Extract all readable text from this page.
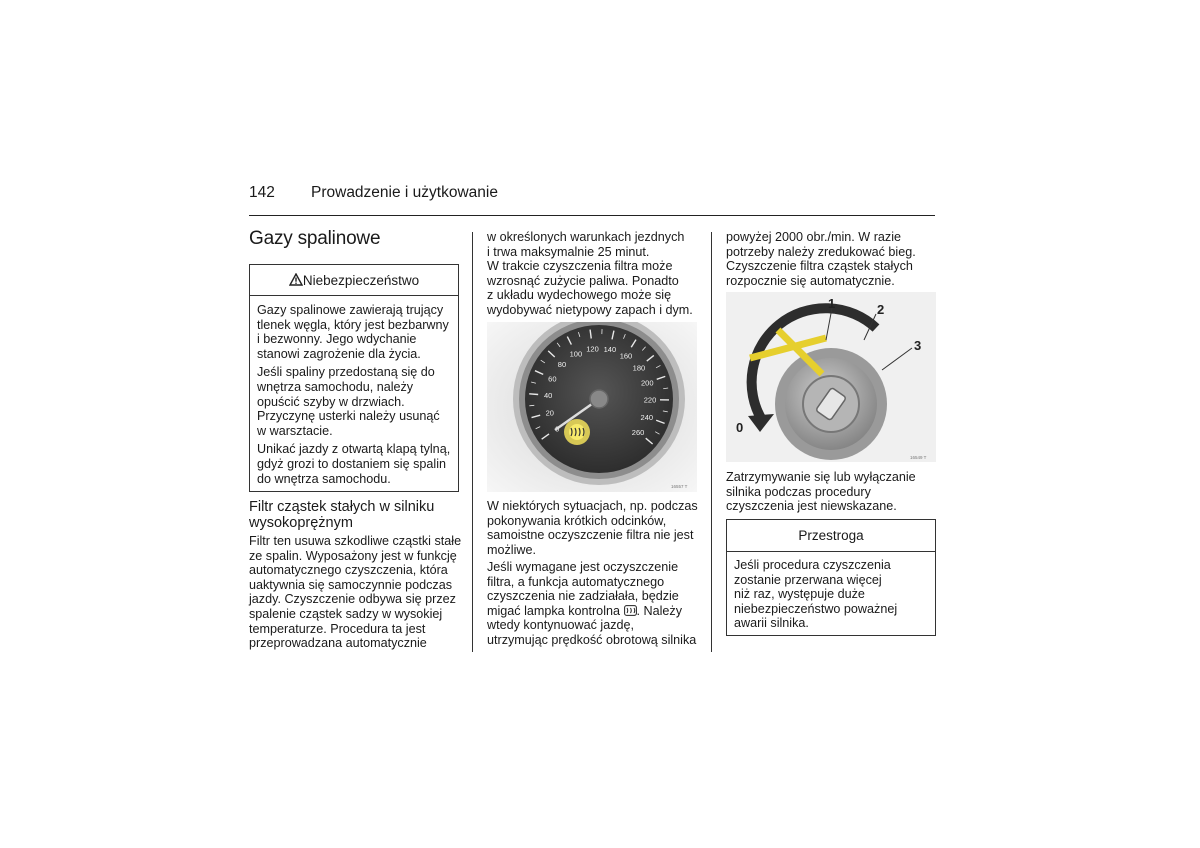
142 Prowadzenie i użytkowanie
Gazy spalinowe
Niebezpieczeństwo

Gazy spalinowe zawierają trujący
tlenek węgla, który jest bezbarwny
i bezwonny. Jego wdychanie
stanowi zagrożenie dla życia.

Jeśli spaliny przedostaną się do
wnętrza samochodu, należy
opuścić szyby w drzwiach.
Przyczynę usterki należy usunąć
w warsztacie.

Unikać jazdy z otwartą klapą tylną,
gdyż grozi to dostaniem się spalin
do wnętrza samochodu.

Filtr cząstek stałych w silniku
wysokoprężnym
Filtr ten usuwa szkodliwe cząstki stałe
ze spalin. Wyposażony jest w funkcję
automatycznego czyszczenia, która
uaktywnia się samoczynnie podczas
jazdy. Czyszczenie odbywa się przez
spalenie cząstek sadzy w wysokiej
temperaturze. Procedura ta jest
przeprowadzana automatycznie
w określonych warunkach jezdnych
i trwa maksymalnie 25 minut.
W trakcie czyszczenia filtra może
wzrosnąć zużycie paliwa. Ponadto
z układu wydechowego może się
wydobywać nietypowy zapach i dym.
20
40
60
80
100
120 140
160
180
200
220
240
260
16557 T
W niektórych sytuacjach, np. podczas
pokonywania krótkich odcinków,
samoistne oczyszczenie filtra nie jest
możliwe.
Jeśli wymagane jest oczyszczenie
filtra, a funkcja automatycznego
czyszczenia nie zadziałała, będzie
migać lampka kontrolna . Należy
wtedy kontynuować jazdę,
utrzymując prędkość obrotową silnika
powyżej 2000 obr./min. W razie
potrzeby należy zredukować bieg.
Czyszczenie filtra cząstek stałych
rozpocznie się automatycznie.
1	2
3
0
16549 T
Zatrzymywanie się lub wyłączanie
silnika podczas procedury
czyszczenia jest niewskazane.
Przestroga
Jeśli procedura czyszczenia
zostanie przerwana więcej
niż raz, występuje duże
niebezpieczeństwo poważnej
awarii silnika.
